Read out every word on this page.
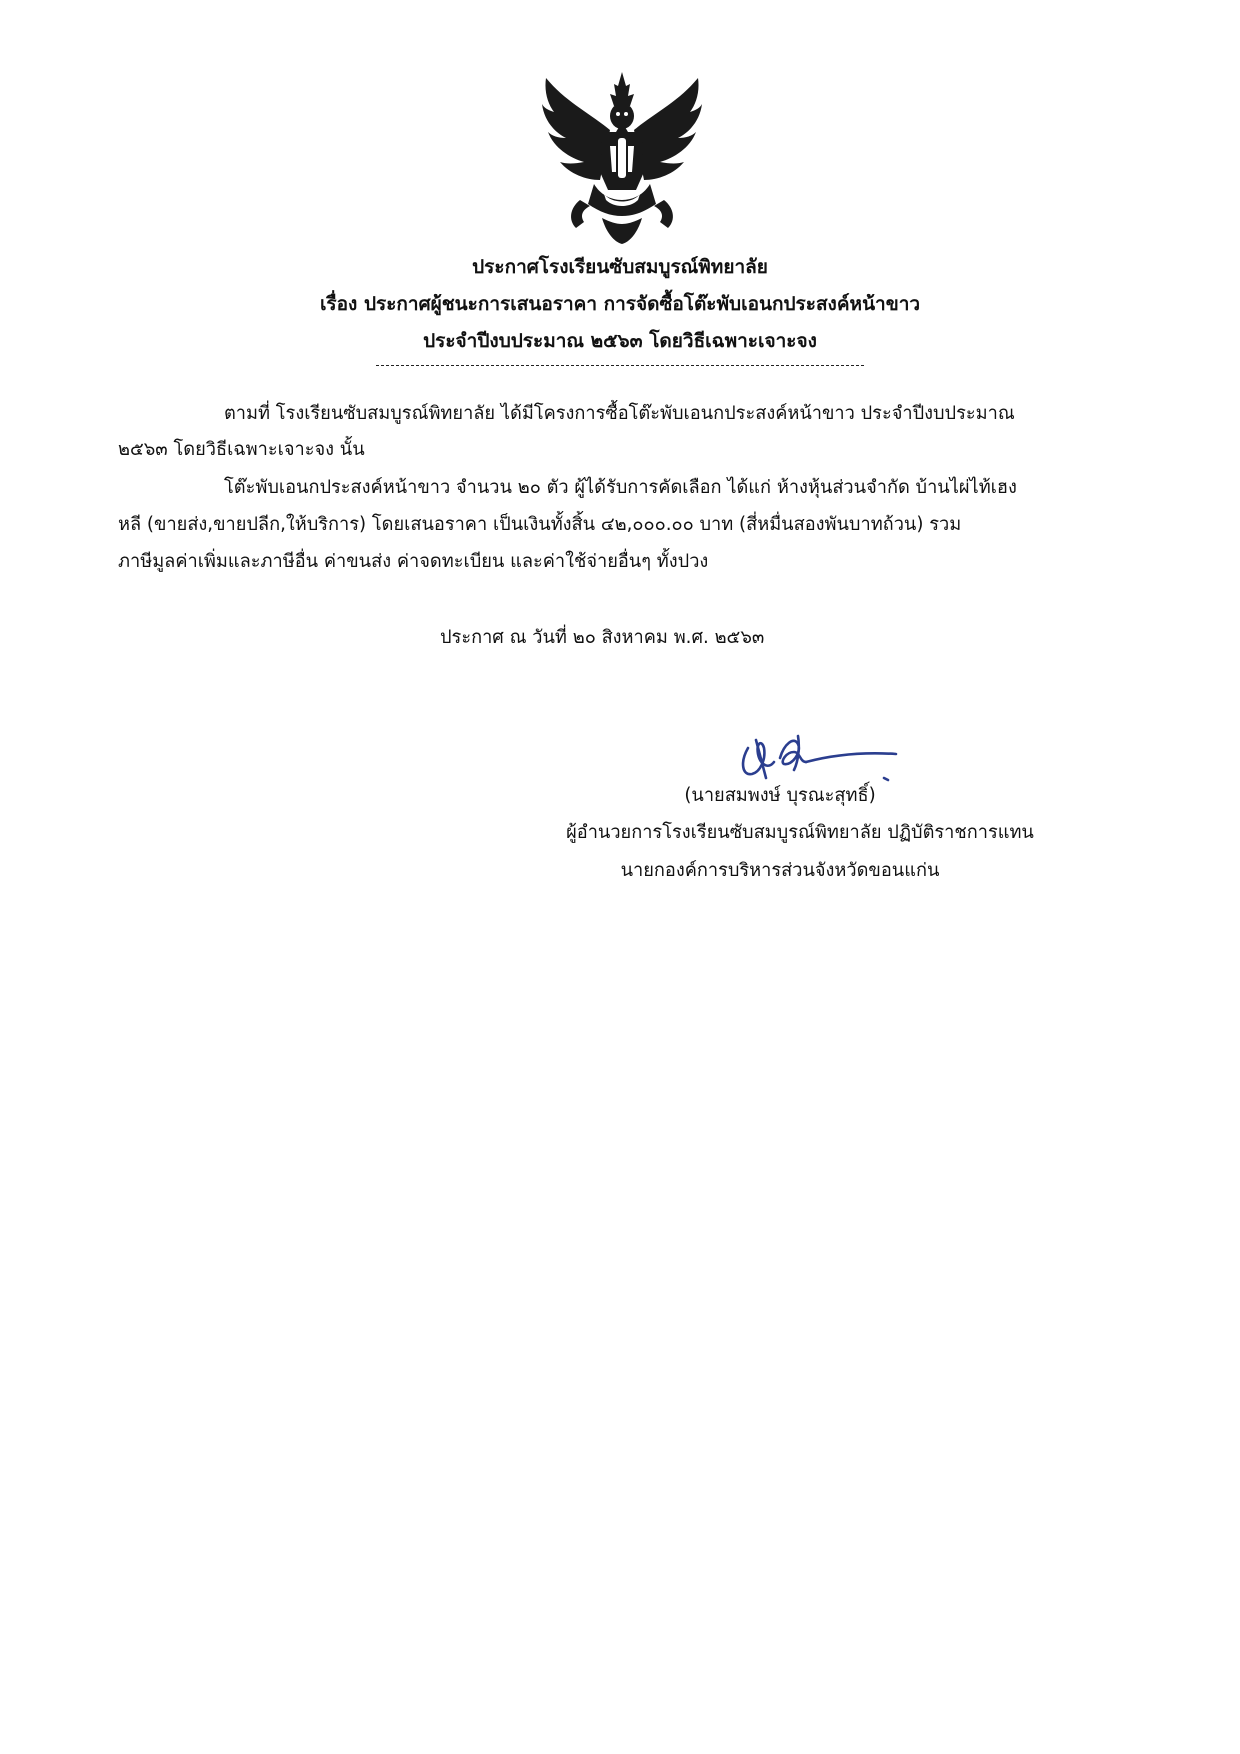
ประกาศโรงเรียนซับสมบูรณ์พิทยาลัย
เรื่อง ประกาศผู้ชนะการเสนอราคา การจัดซื้อโต๊ะพับเอนกประสงค์หน้าขาว
ประจำปีงบประมาณ ๒๕๖๓ โดยวิธีเฉพาะเจาะจง
ตามที่ โรงเรียนซับสมบูรณ์พิทยาลัย ได้มีโครงการซื้อโต๊ะพับเอนกประสงค์หน้าขาว ประจำปีงบประมาณ
๒๕๖๓ โดยวิธีเฉพาะเจาะจง นั้น
โต๊ะพับเอนกประสงค์หน้าขาว จำนวน ๒๐ ตัว ผู้ได้รับการคัดเลือก ได้แก่ ห้างหุ้นส่วนจำกัด บ้านไผ่ไท้เฮง
หลี (ขายส่ง,ขายปลีก,ให้บริการ) โดยเสนอราคา เป็นเงินทั้งสิ้น ๔๒,๐๐๐.๐๐ บาท (สี่หมื่นสองพันบาทถ้วน) รวม
ภาษีมูลค่าเพิ่มและภาษีอื่น ค่าขนส่ง ค่าจดทะเบียน และค่าใช้จ่ายอื่นๆ ทั้งปวง
ประกาศ ณ วันที่ ๒๐ สิงหาคม พ.ศ. ๒๕๖๓
(นายสมพงษ์ บุรณะสุทธิ์)
ผู้อำนวยการโรงเรียนซับสมบูรณ์พิทยาลัย ปฏิบัติราชการแทน
นายกองค์การบริหารส่วนจังหวัดขอนแก่น
